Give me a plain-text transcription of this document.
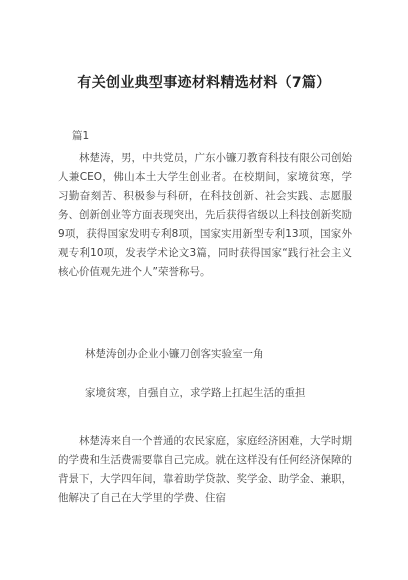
有关创业典型事迹材料精选材料（7篇）
篇1
林楚涛，男，中共党员，广东小镰刀教育科技有限公司创始人兼CEO，佛山本土大学生创业者。在校期间，家境贫寒，学习勤奋刻苦、积极参与科研，在科技创新、社会实践、志愿服务、创新创业等方面表现突出，先后获得省级以上科技创新奖励9项，获得国家发明专利8项，国家实用新型专利13项，国家外观专利10项，发表学术论文3篇，同时获得国家“践行社会主义核心价值观先进个人”荣誉称号。
林楚涛创办企业小镰刀创客实验室一角
家境贫寒，自强自立，求学路上扛起生活的重担
林楚涛来自一个普通的农民家庭，家庭经济困难，大学时期的学费和生活费需要靠自己完成。就在这样没有任何经济保障的背景下，大学四年间，靠着助学贷款、奖学金、助学金、兼职，他解决了自己在大学里的学费、住宿
